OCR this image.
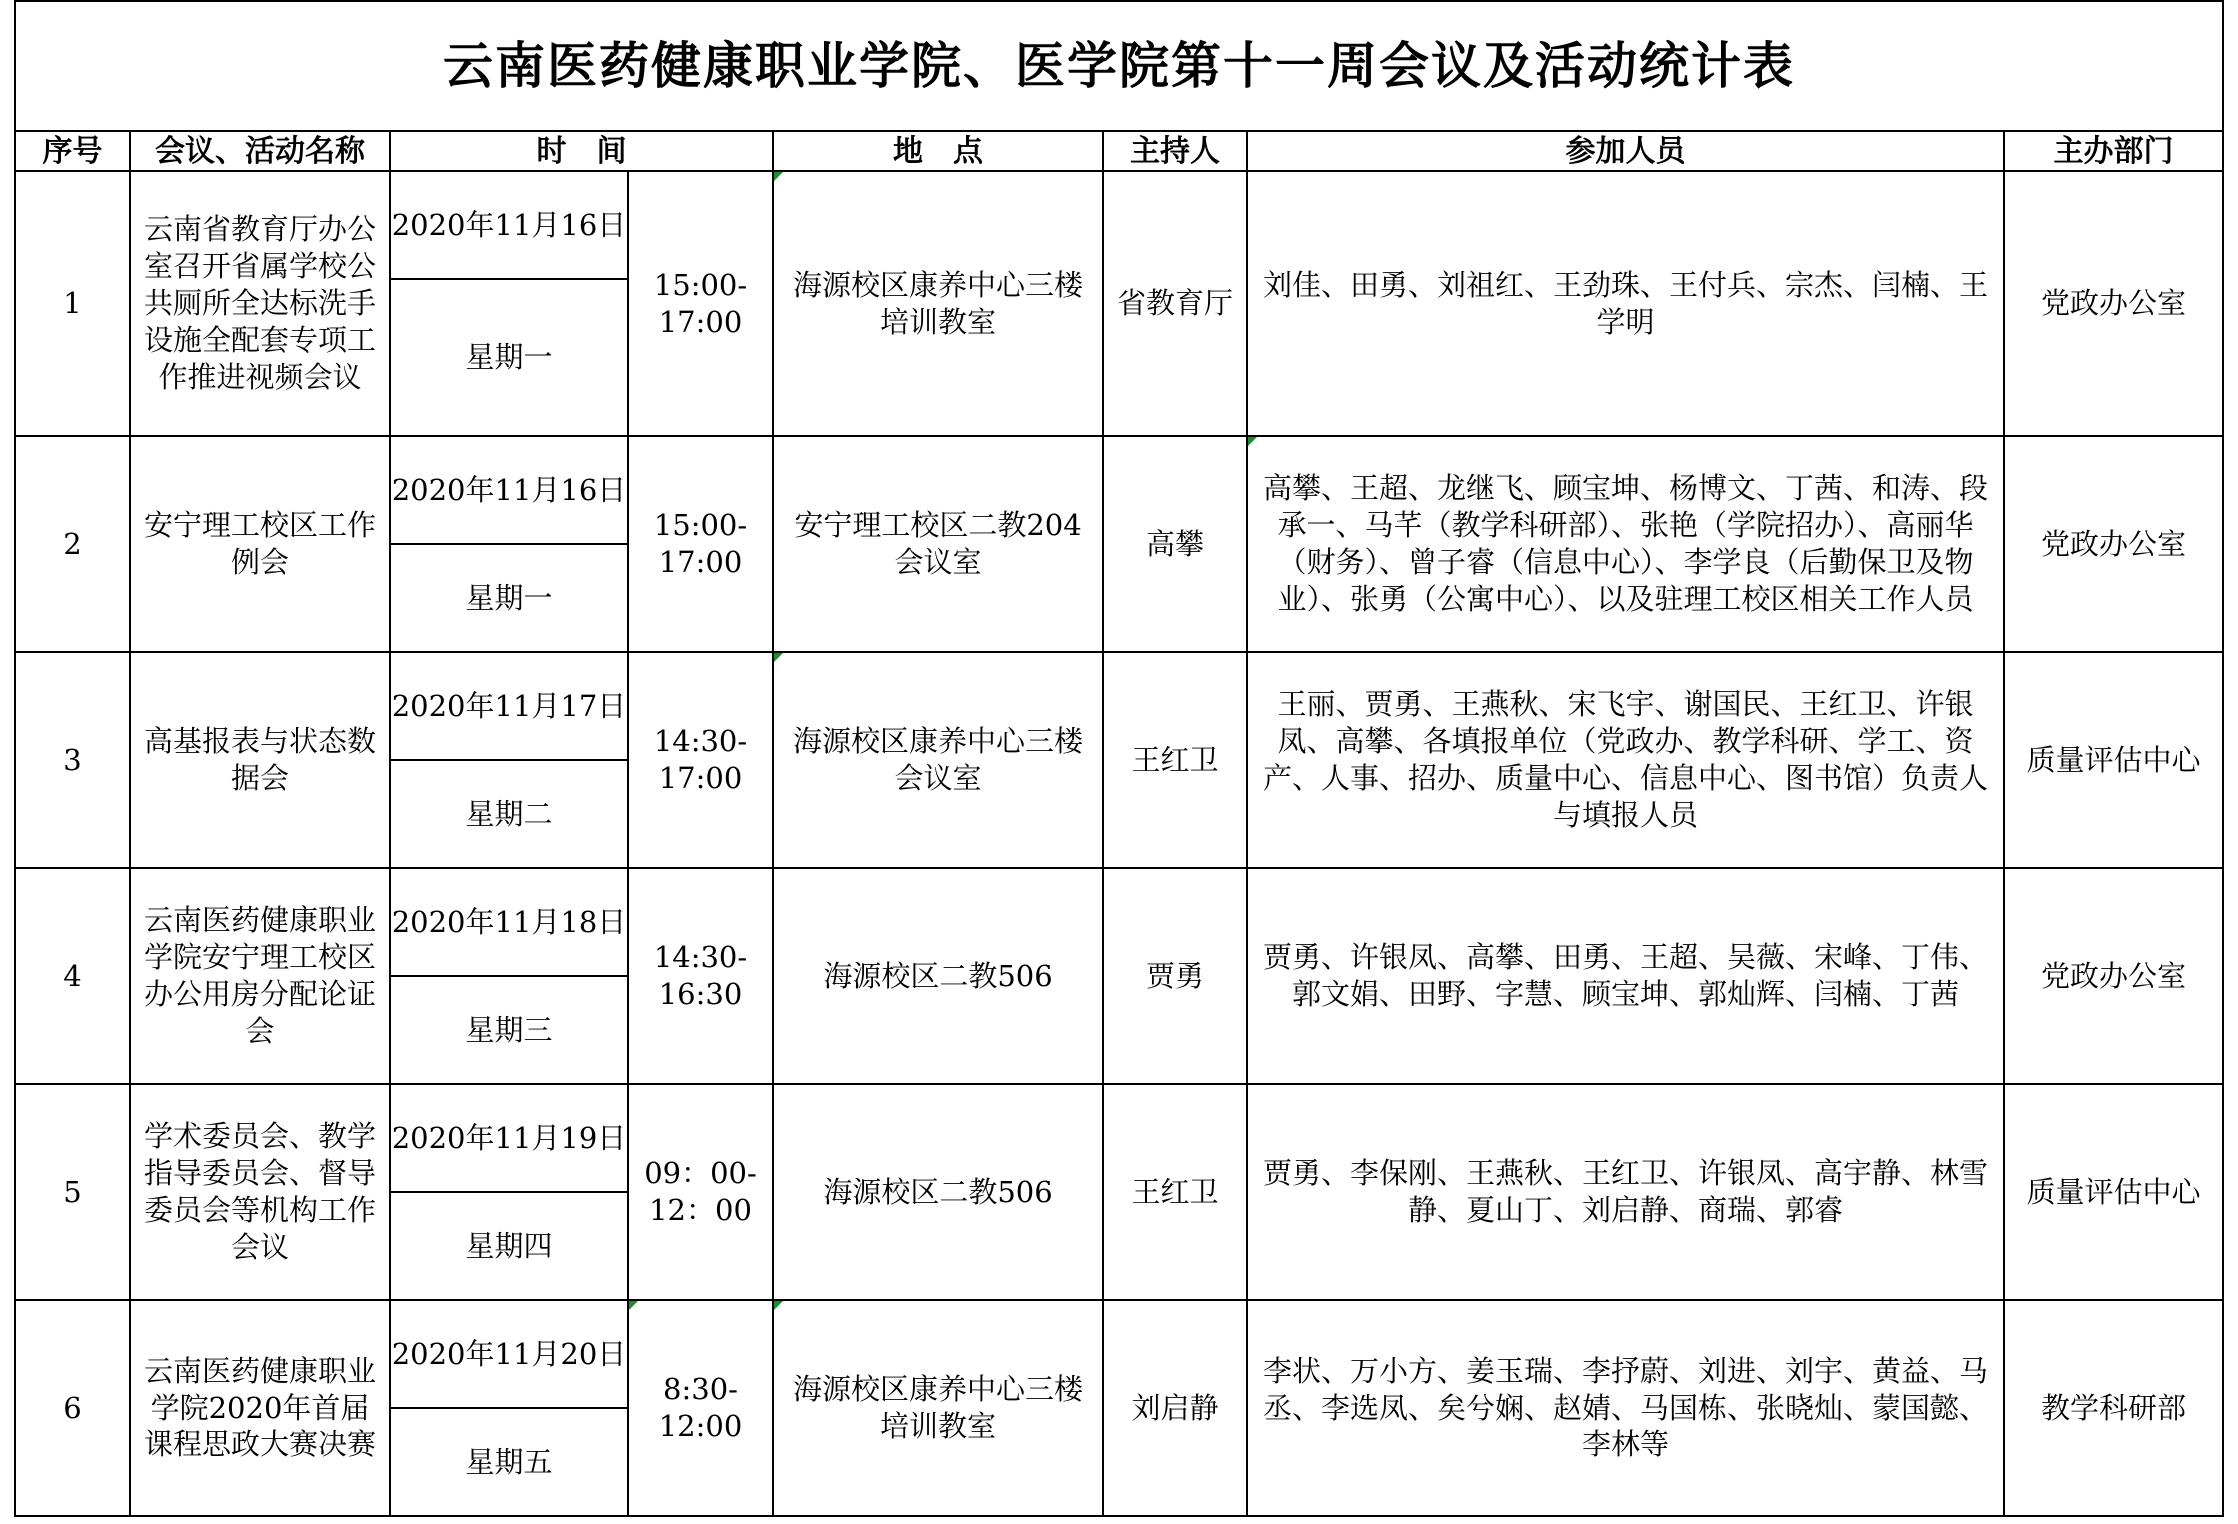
云南医药健康职业学院、医学院第十一周会议及活动统计表							
序号	会议、活动名称	时　间		地　点	主持人	参加人员	主办部门
1	云南省教育厅办公室召开省属学校公共厕所全达标洗手设施全配套专项工作推进视频会议	2020年11月16日	15:00-17:00	海源校区康养中心三楼培训教室	省教育厅	刘佳、田勇、刘祖红、王劲珠、王付兵、宗杰、闫楠、王学明	党政办公室
		星期一					
2	安宁理工校区工作例会	2020年11月16日	15:00-17:00	安宁理工校区二教204会议室	高攀	高攀、王超、龙继飞、顾宝坤、杨博文、丁茜、和涛、段承一、马芊（教学科研部）、张艳（学院招办）、高丽华（财务）、曾子睿（信息中心）、李学良（后勤保卫及物业）、张勇（公寓中心）、以及驻理工校区相关工作人员	党政办公室
		星期一					
3	高基报表与状态数据会	2020年11月17日	14:30-17:00	海源校区康养中心三楼会议室	王红卫	王丽、贾勇、王燕秋、宋飞宇、谢国民、王红卫、许银凤、高攀、各填报单位（党政办、教学科研、学工、资产、人事、招办、质量中心、信息中心、图书馆）负责人与填报人员	质量评估中心
		星期二					
4	云南医药健康职业学院安宁理工校区办公用房分配论证会	2020年11月18日	14:30-16:30	海源校区二教506	贾勇	贾勇、许银凤、高攀、田勇、王超、吴薇、宋峰、丁伟、郭文娟、田野、字慧、顾宝坤、郭灿辉、闫楠、丁茜	党政办公室
		星期三					
5	学术委员会、教学指导委员会、督导委员会等机构工作会议	2020年11月19日	09：00-12：00	海源校区二教506	王红卫	贾勇、李保刚、王燕秋、王红卫、许银凤、高宇静、林雪静、夏山丁、刘启静、商瑞、郭睿	质量评估中心
		星期四					
6	云南医药健康职业学院2020年首届课程思政大赛决赛	2020年11月20日	8:30-12:00	海源校区康养中心三楼培训教室	刘启静	李状、万小方、姜玉瑞、李抒蔚、刘进、刘宇、黄益、马丞、李选凤、矣兮娴、赵婧、马国栋、张晓灿、蒙国懿、李林等	教学科研部
		星期五					
